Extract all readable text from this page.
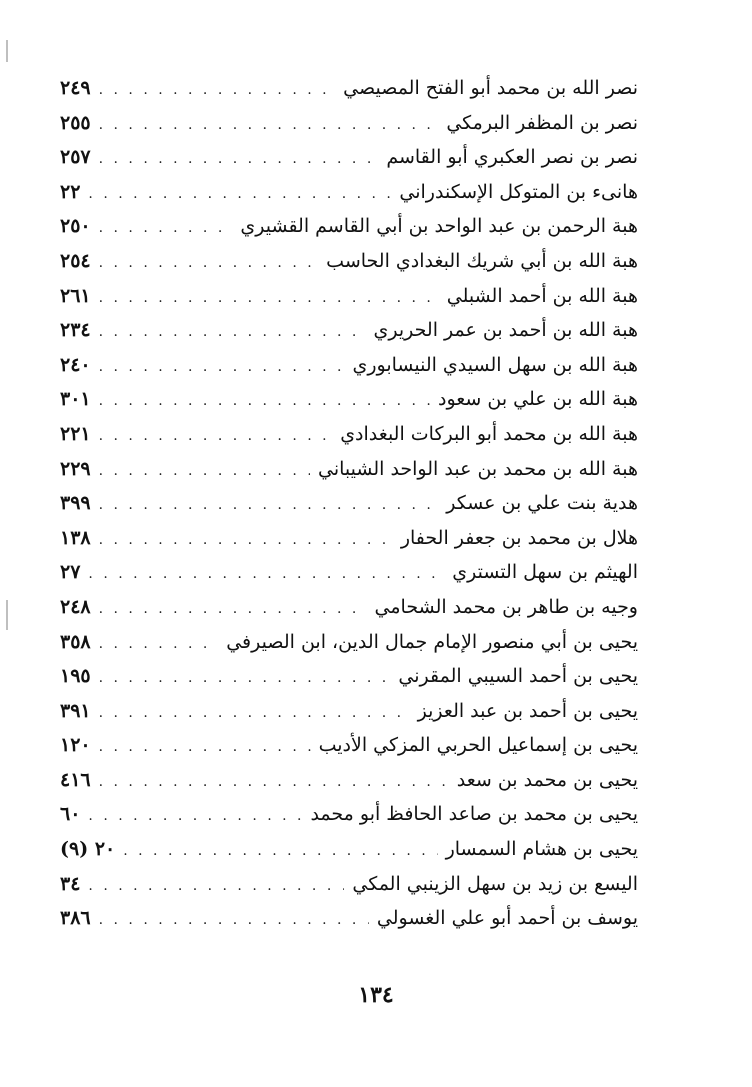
نصر الله بن محمد أبو الفتح المصيصي
. . .
٢٤٩
نصر بن المظفر البرمكي
. . .
٢٥٥
نصر بن نصر العكبري أبو القاسم
. . .
٢٥٧
هانىء بن المتوكل الإسكندراني
. . .
٢٢
هبة الرحمن بن عبد الواحد بن أبي القاسم القشيري
. . .
٢٥٠
هبة الله بن أبي شريك البغدادي الحاسب
. . .
٢٥٤
هبة الله بن أحمد الشبلي
. . .
٢٦١
هبة الله بن أحمد بن عمر الحريري
. . .
٢٣٤
هبة الله بن سهل السيدي النيسابوري
. . .
٢٤٠
هبة الله بن علي بن سعود
. . .
٣٠١
هبة الله بن محمد أبو البركات البغدادي
. . .
٢٢١
هبة الله بن محمد بن عبد الواحد الشيباني
. . .
٢٢٩
هدية بنت علي بن عسكر
. . .
٣٩٩
هلال بن محمد بن جعفر الحفار
. . .
١٣٨
الهيثم بن سهل التستري
. . .
٢٧
وجيه بن طاهر بن محمد الشحامي
. . .
٢٤٨
يحيى بن أبي منصور الإمام جمال الدين، ابن الصيرفي
. . .
٣٥٨
يحيى بن أحمد السيبي المقرني
. . .
١٩٥
يحيى بن أحمد بن عبد العزيز
. . .
٣٩١
يحيى بن إسماعيل الحربي المزكي الأديب
. . .
١٢٠
يحيى بن محمد بن سعد
. . .
٤١٦
يحيى بن محمد بن صاعد الحافظ أبو محمد
. . .
٦٠
يحيى بن هشام السمسار
. . .
٢٠ (٩)
اليسع بن زيد بن سهل الزينبي المكي
. . .
٣٤
يوسف بن أحمد أبو علي الغسولي
. . .
٣٨٦
١٣٤
